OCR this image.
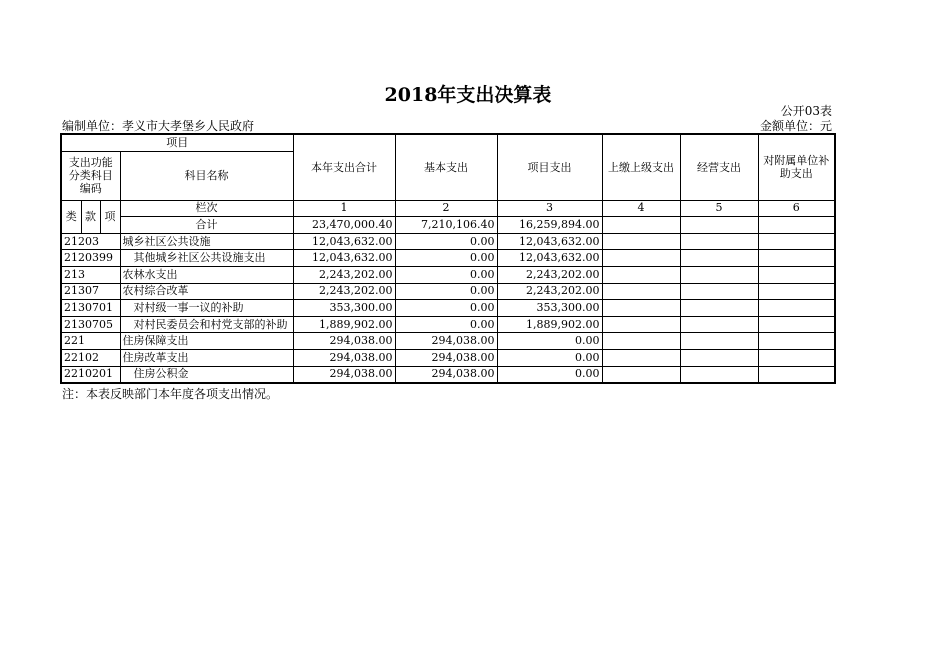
2018年支出决算表
公开03表
编制单位：孝义市大孝堡乡人民政府	金额单位：元
项目				本年支出合计	基本支出	项目支出	上缴上级支出	经营支出	对附属单位补助支出
支出功能分类科目编码			科目名称						

类	款	项	栏次	1	2	3	4	5	6
			合计	23,470,000.40	7,210,106.40	16,259,894.00			
21203			城乡社区公共设施	12,043,632.00	0.00	12,043,632.00			
2120399			　其他城乡社区公共设施支出	12,043,632.00	0.00	12,043,632.00			
213			农林水支出	2,243,202.00	0.00	2,243,202.00			
21307			农村综合改革	2,243,202.00	0.00	2,243,202.00			
2130701			　对村级一事一议的补助	353,300.00	0.00	353,300.00			
2130705			　对村民委员会和村党支部的补助	1,889,902.00	0.00	1,889,902.00			
221			住房保障支出	294,038.00	294,038.00	0.00			
22102			住房改革支出	294,038.00	294,038.00	0.00			
2210201			　住房公积金	294,038.00	294,038.00	0.00			
注：本表反映部门本年度各项支出情况。
